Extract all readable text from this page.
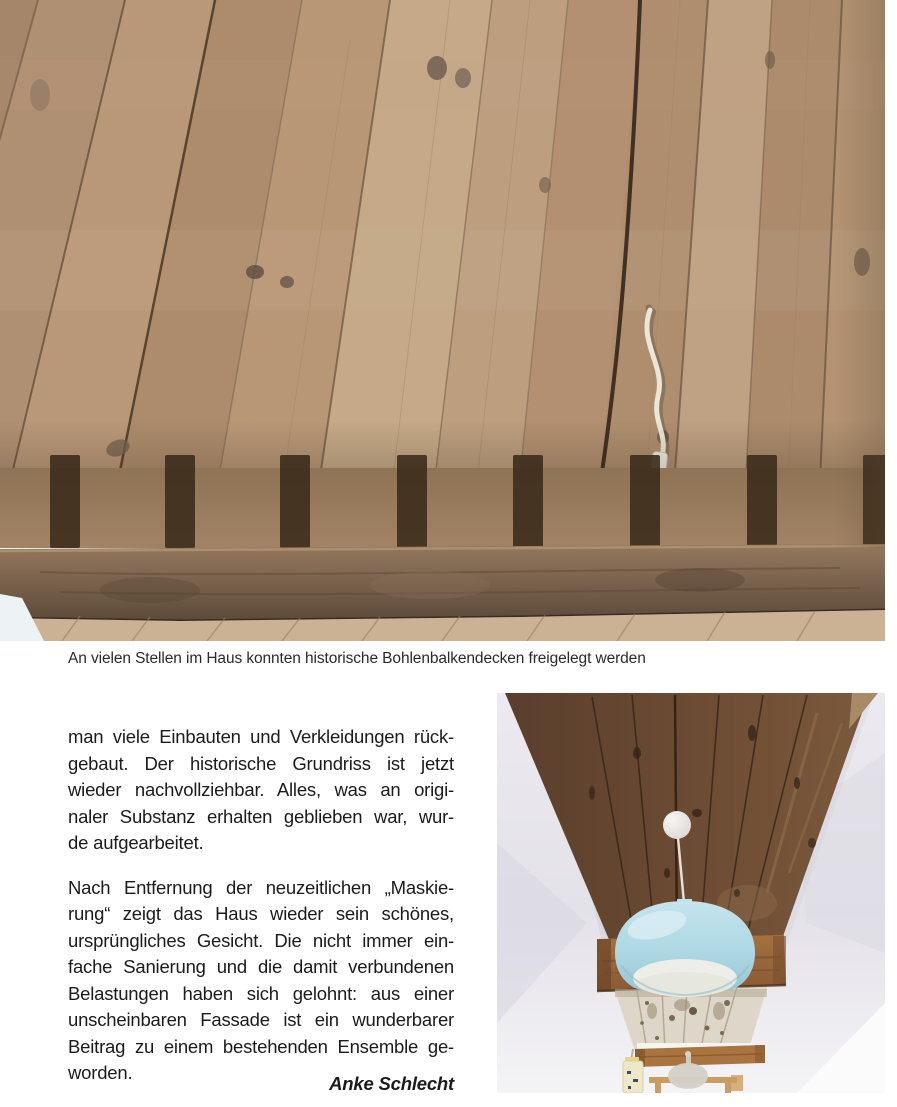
An vielen Stellen im Haus konnten historische Bohlenbalkendecken freigelegt werden
man viele Einbauten und Verkleidungen rück-
gebaut. Der historische Grundriss ist jetzt
wieder nachvollziehbar. Alles, was an origi-
naler Substanz erhalten geblieben war, wur-
de aufgearbeitet.
Nach Entfernung der neuzeitlichen „Maskie-
rung“ zeigt das Haus wieder sein schönes,
ursprüngliches Gesicht. Die nicht immer ein-
fache Sanierung und die damit verbundenen
Belastungen haben sich gelohnt: aus einer
unscheinbaren Fassade ist ein wunderbarer
Beitrag zu einem bestehenden Ensemble ge-
worden.
Anke Schlecht
